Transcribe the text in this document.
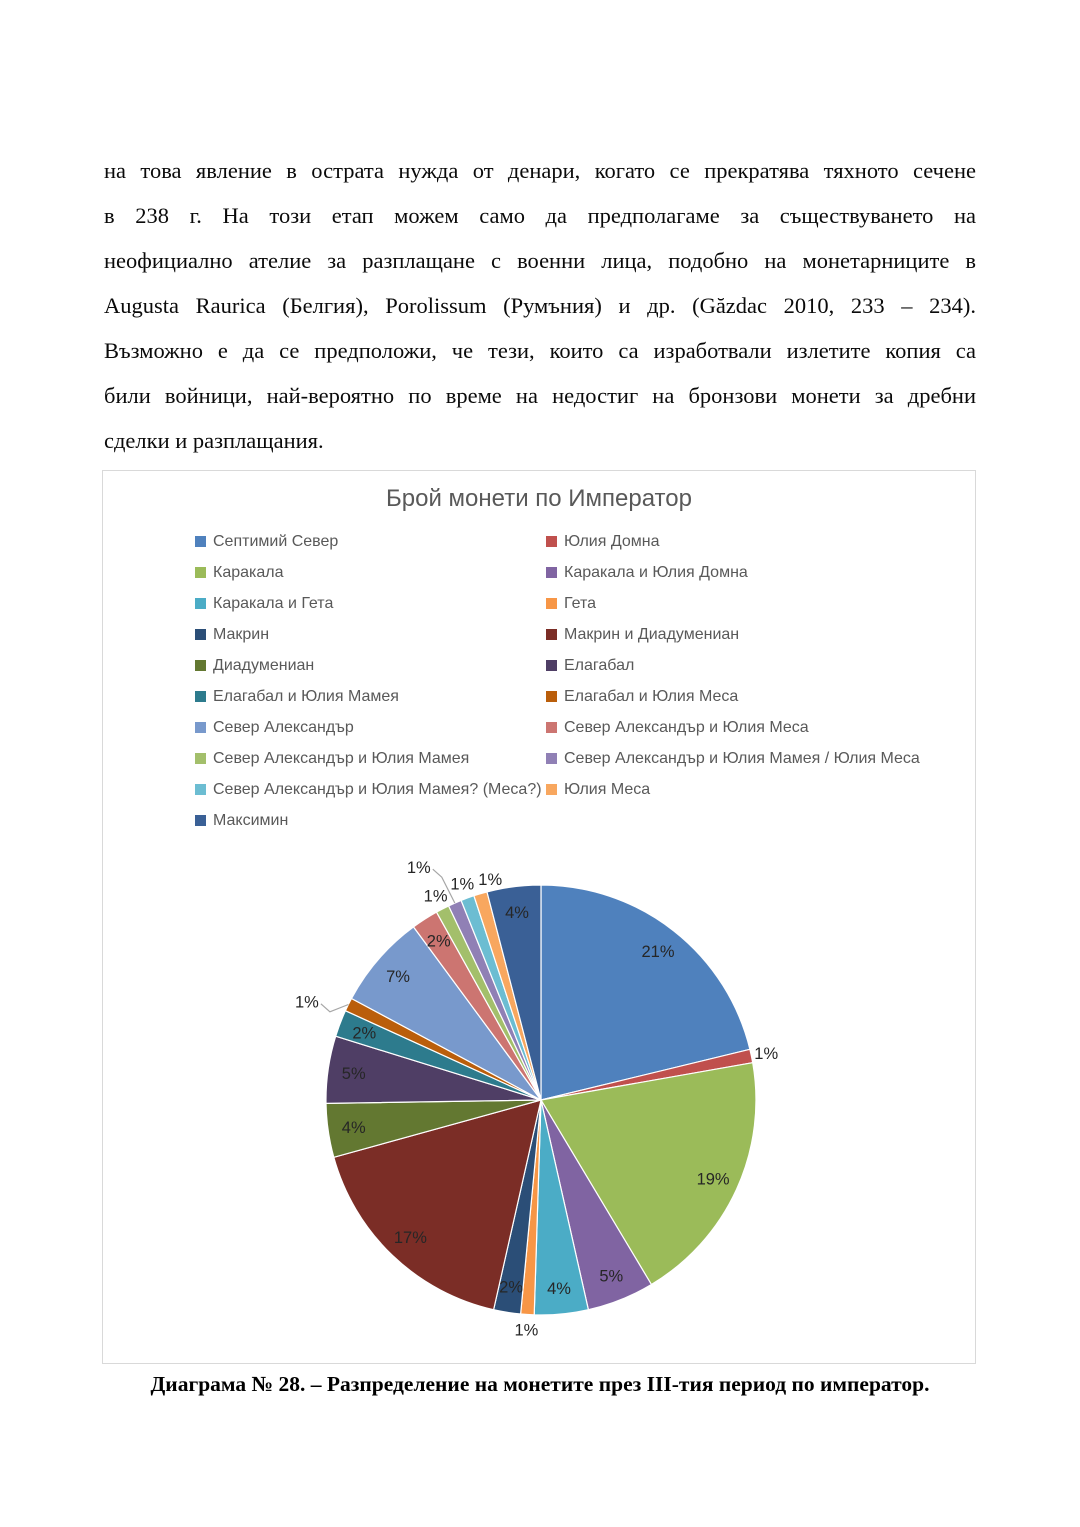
на това явление в острата нужда от денари, когато се прекратява тяхното сечене
в 238 г. На този етап можем само да предполагаме за съществуването на
неофициално ателие за разплащане с военни лица, подобно на монетарниците в
Augusta Raurica (Белгия), Porolissum (Румъния) и др. (Găzdac 2010, 233 – 234).
Възможно е да се предположи, че тези, които са изработвали излетите копия са
били войници, най-вероятно по време на недостиг на бронзови монети за дребни
сделки и разплащания.
Брой монети по Император
Септимий Север	Юлия Домна
Каракала	Каракала и Юлия Домна
Каракала и Гета	Гета
Макрин	Макрин и Диадумениан
Диадумениан	Елагабал
Елагабал и Юлия Мамея	Елагабал и Юлия Меса
Север Александър	Север Александър и Юлия Меса
Север Александър и Юлия Мамея	Север Александър и Юлия Мамея / Юлия Меса
Север Александър и Юлия Мамея? (Меса?) Юлия Меса
Максимин
21%
1%
19%
5%
4%
1%
2%
17%
4%
5%
2%
1%
7%
2%
1%
1%
1% 1%
4%
Диаграма № 28. – Разпределение на монетите през III-тия период по император.
